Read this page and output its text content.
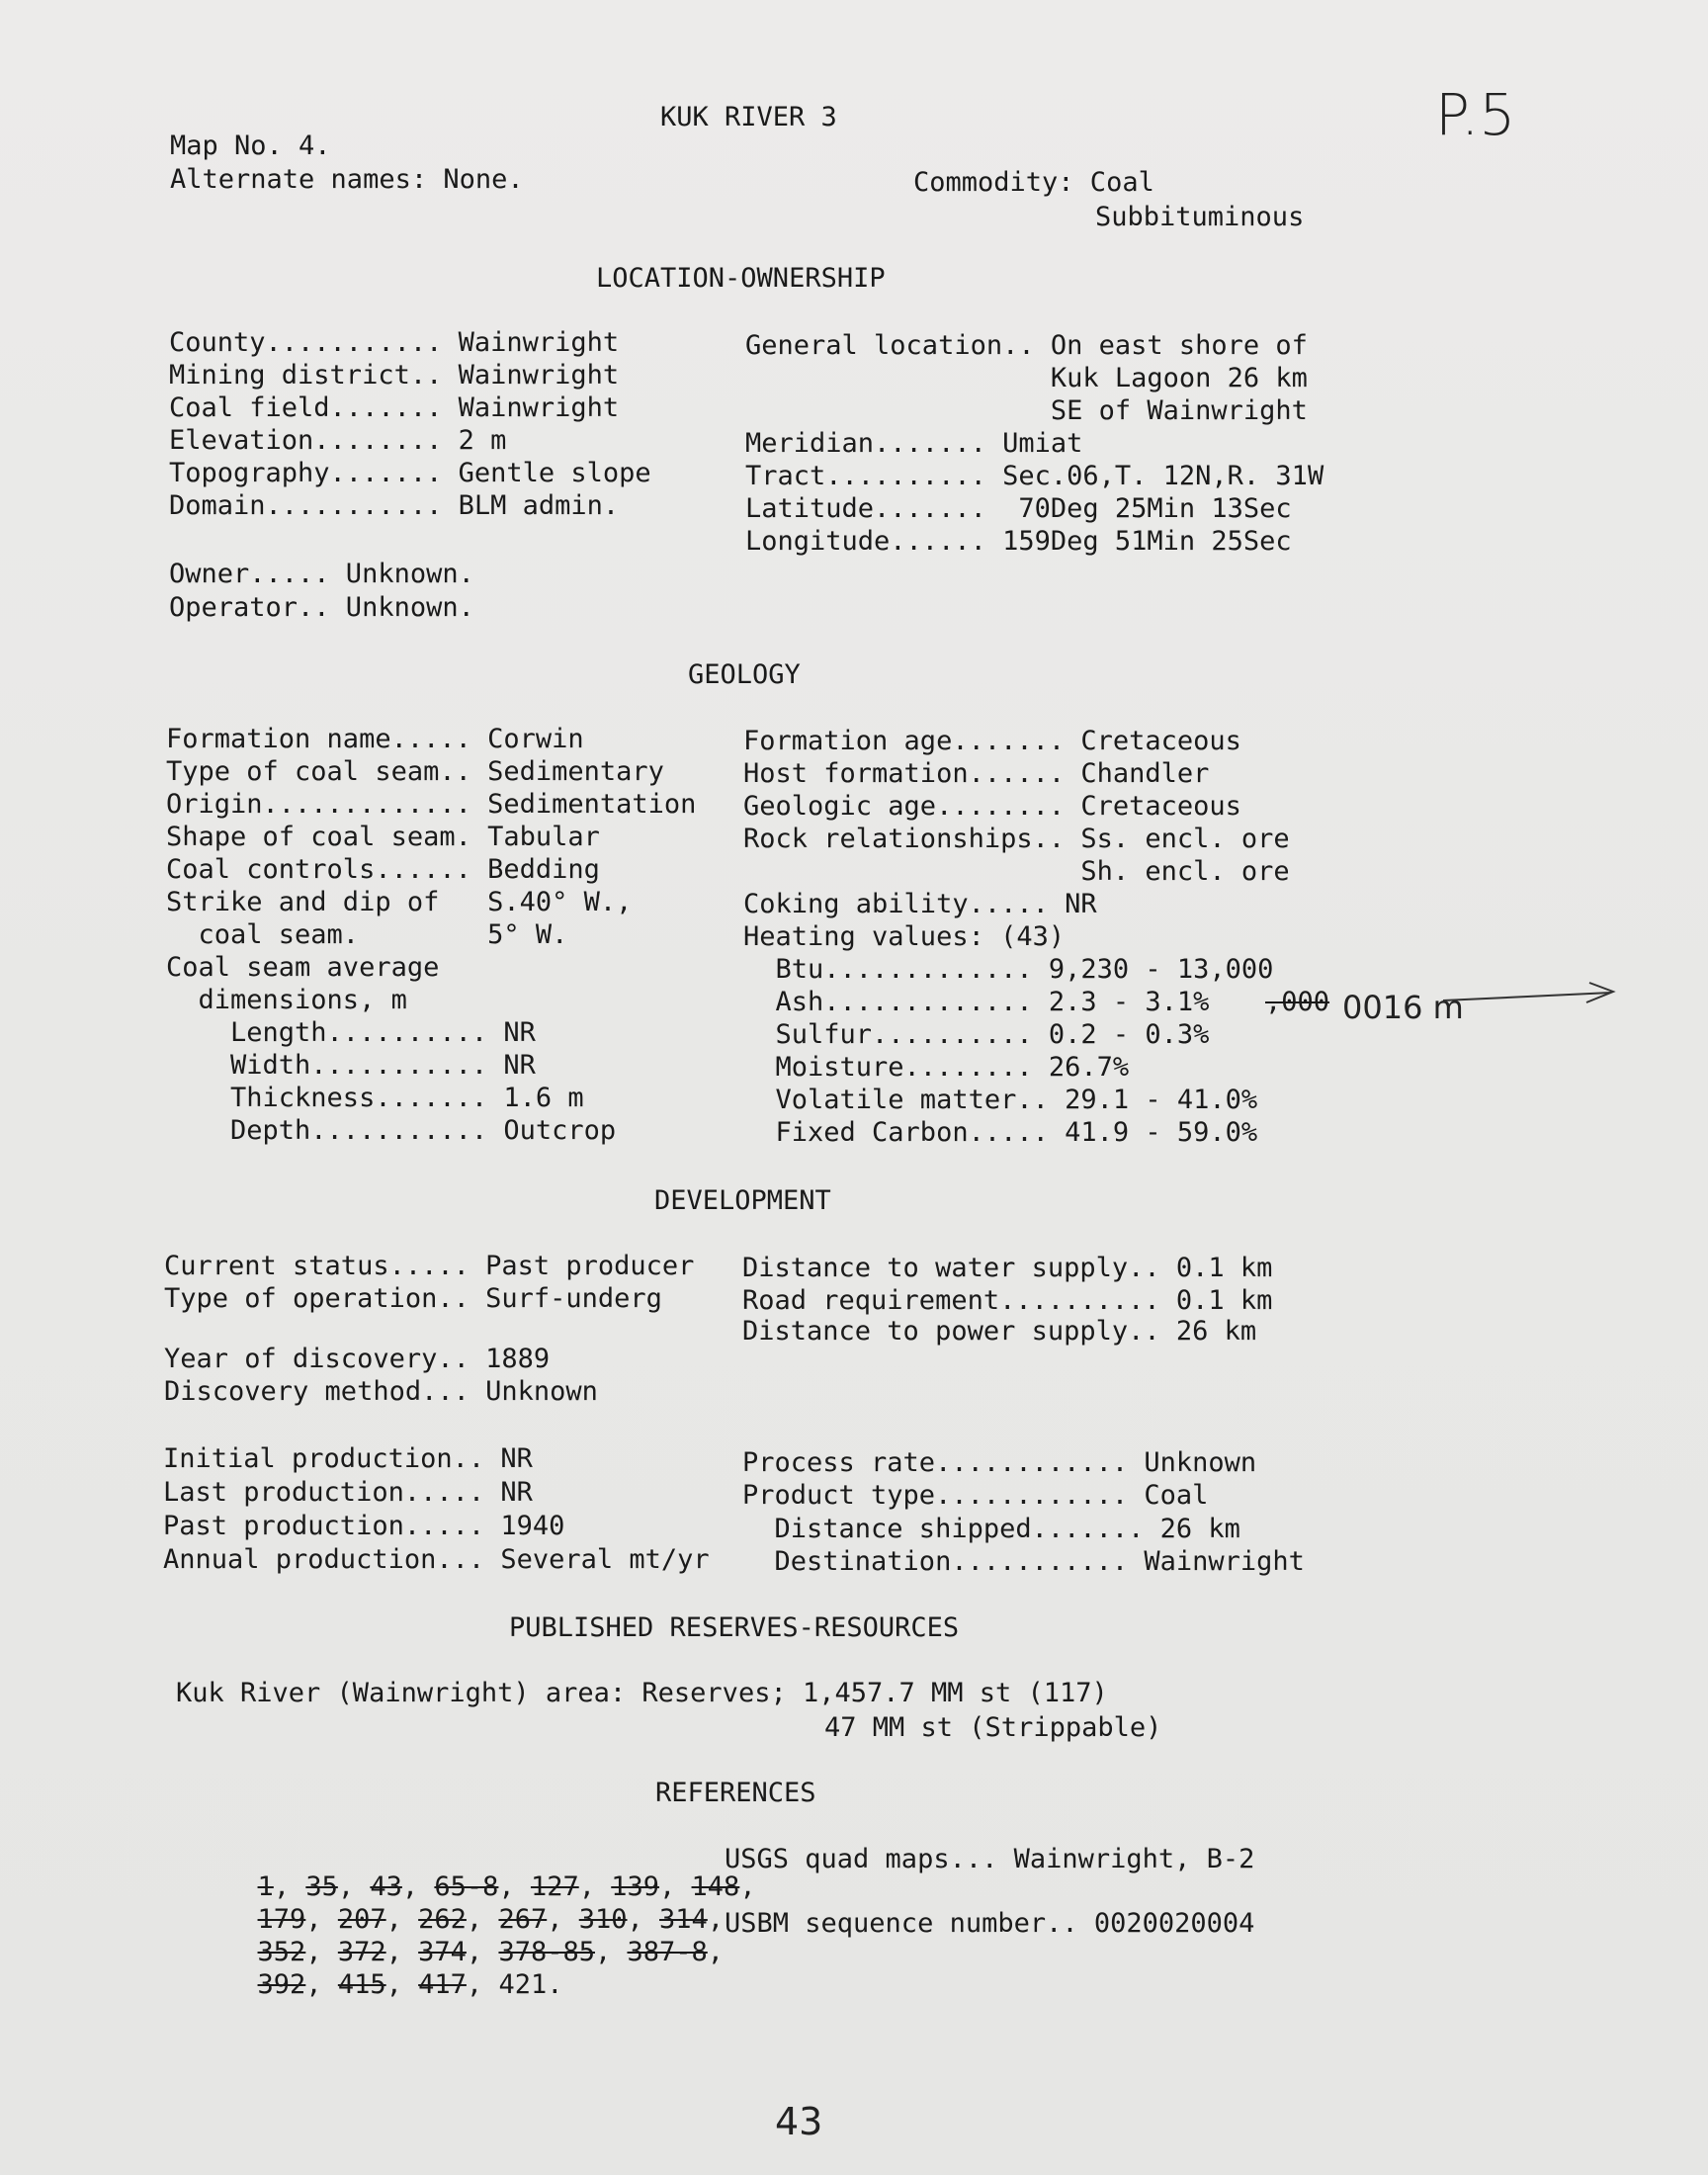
KUK RIVER 3
Map No. 4.
Alternate names: None.	Commodity: Coal
Subbituminous
P.5
LOCATION-OWNERSHIP
County........... Wainwright
Mining district.. Wainwright
Coal field....... Wainwright
Elevation........ 2 m
Topography....... Gentle slope
Domain........... BLM admin.
General location.. On east shore of
Kuk Lagoon 26 km
SE of Wainwright
Meridian....... Umiat
Tract.......... Sec.06,T. 12N,R. 31W
Latitude.......  70Deg 25Min 13Sec
Longitude...... 159Deg 51Min 25Sec
Owner..... Unknown.
Operator.. Unknown.
GEOLOGY
Formation name..... Corwin
Type of coal seam.. Sedimentary
Origin............. Sedimentation
Shape of coal seam. Tabular
Coal controls...... Bedding
Strike and dip of   S.40° W.,
coal seam.        5° W.
Coal seam average
dimensions, m
Length.......... NR
Width........... NR
Thickness....... 1.6 m
Depth........... Outcrop
Formation age....... Cretaceous
Host formation...... Chandler
Geologic age........ Cretaceous
Rock relationships.. Ss. encl. ore
Sh. encl. ore
Coking ability..... NR
Heating values: (43)
Btu............. 9,230 - 13,000
Ash............. 2.3 - 3.1% ,000
Sulfur.......... 0.2 - 0.3%
Moisture........ 26.7%
Volatile matter.. 29.1 - 41.0%
Fixed Carbon..... 41.9 - 59.0%
0016 m
DEVELOPMENT
Current status..... Past producer
Type of operation.. Surf-underg
Year of discovery.. 1889
Discovery method... Unknown
Distance to water supply.. 0.1 km
Road requirement.......... 0.1 km
Distance to power supply.. 26 km
Initial production.. NR
Last production..... NR
Past production..... 1940
Annual production... Several mt/yr
Process rate............ Unknown
Product type............ Coal
Distance shipped....... 26 km
Destination........... Wainwright
PUBLISHED RESERVES-RESOURCES
Kuk River (Wainwright) area: Reserves; 1,457.7 MM st (117)
47 MM st (Strippable)
REFERENCES

1, 35, 43, 65-8, 127, 139, 148,

179, 207, 262, 267, 310, 314,

352, 372, 374, 378-85, 387-8,

392, 415, 417, 421.

USGS quad maps... Wainwright, B-2
USBM sequence number.. 0020020004
43
